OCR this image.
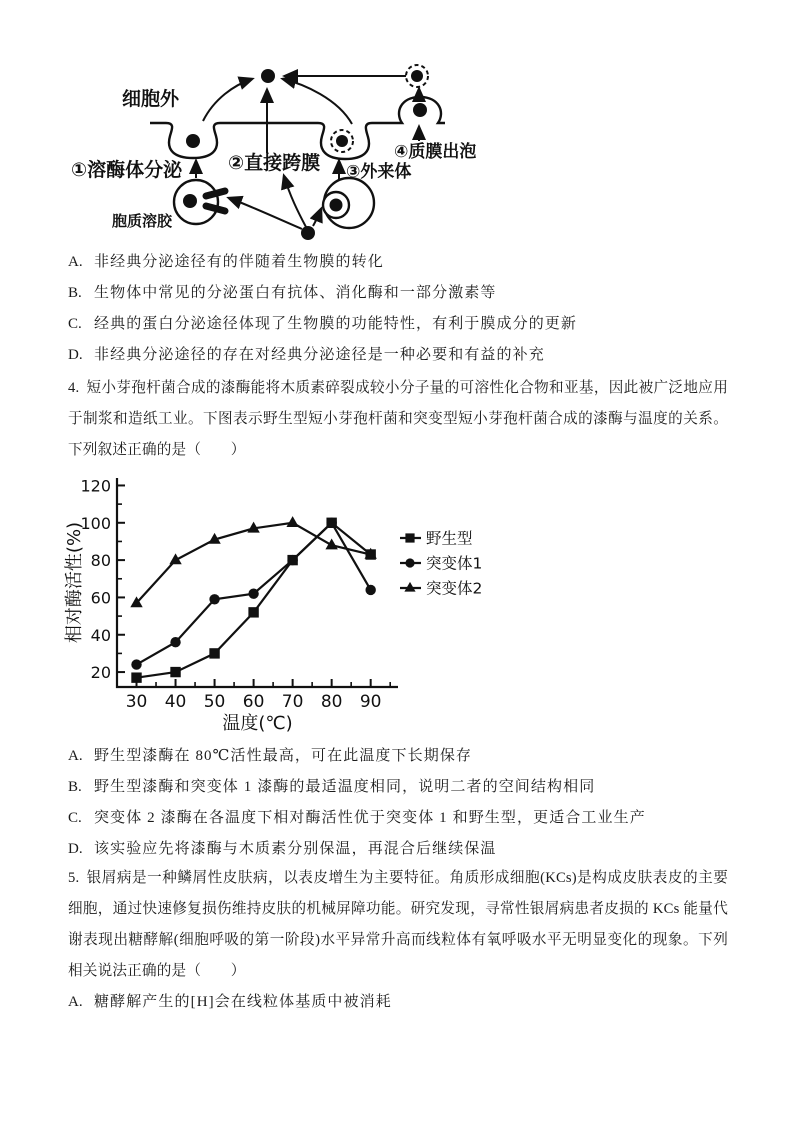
细胞外
①溶酶体分泌 ②直接跨膜 ③外来体
④质膜出泡
胞质溶胶
A. 非经典分泌途径有的伴随着生物膜的转化
B. 生物体中常见的分泌蛋白有抗体、消化酶和一部分激素等
C. 经典的蛋白分泌途径体现了生物膜的功能特性，有利于膜成分的更新
D. 非经典分泌途径的存在对经典分泌途径是一种必要和有益的补充

4. 短小芽孢杆菌合成的漆酶能将木质素碎裂成较小分子量的可溶性化合物和亚基，因此被广泛地应用于制浆和造纸工业。下图表示野生型短小芽孢杆菌和突变型短小芽孢杆菌合成的漆酶与温度的关系。下列叙述正确的是（　　）

20
40
60
80
100
120
30 40 50 60 70 80 90
温度(℃)
相对酶活性(%)	野生型
突变体1
突变体2
A. 野生型漆酶在 80℃活性最高，可在此温度下长期保存
B. 野生型漆酶和突变体 1 漆酶的最适温度相同，说明二者的空间结构相同
C. 突变体 2 漆酶在各温度下相对酶活性优于突变体 1 和野生型，更适合工业生产
D. 该实验应先将漆酶与木质素分别保温，再混合后继续保温

5. 银屑病是一种鳞屑性皮肤病，以表皮增生为主要特征。角质形成细胞(KCs)是构成皮肤表皮的主要细胞，通过快速修复损伤维持皮肤的机械屏障功能。研究发现，寻常性银屑病患者皮损的 KCs 能量代谢表现出糖酵解(细胞呼吸的第一阶段)水平异常升高而线粒体有氧呼吸水平无明显变化的现象。下列相关说法正确的是（　　）

A. 糖酵解产生的[H]会在线粒体基质中被消耗
